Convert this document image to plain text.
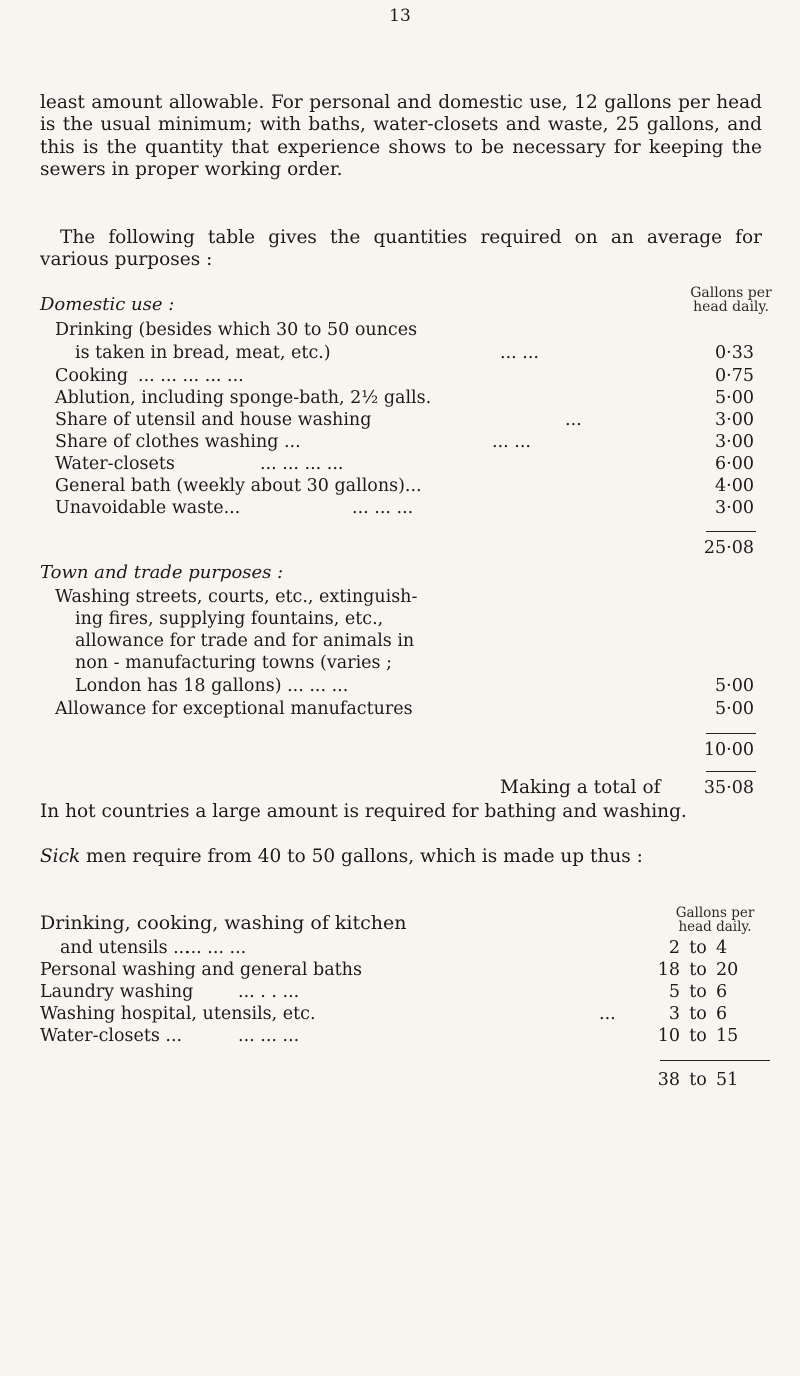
13

least amount allowable. For personal and domestic use, 12 gallons per head is the usual minimum; with baths, water-closets and waste, 25 gallons, and this is the quantity that experience shows to be necessary for keeping the sewers in proper working order.

The following table gives the quantities required on an average for various purposes :

Gallons per
head daily.
Domestic use :
Drinking (besides which 30 to 50 ounces
is taken in bread, meat, etc.)	... ...	0·33
Cooking ... ... ... ... ...	0·75
Ablution, including sponge-bath, 2½ galls.	5·00
Share of utensil and house washing	...	3·00
Share of clothes washing ...	... ...	3·00
Water-closets	... ... ... ...	6·00
General bath (weekly about 30 gallons)...	4·00
Unavoidable waste...	... ... ...	3·00
25·08
Town and trade purposes :
Washing streets, courts, etc., extinguish-
ing fires, supplying fountains, etc.,
allowance for trade and for animals in
non - manufacturing towns (varies ;
London has 18 gallons) ... ... ...	5·00
Allowance for exceptional manufactures	5·00
10·00
Making a total of 35·08

In hot countries a large amount is required for bathing and washing.

Sick men require from 40 to 50 gallons, which is made up thus :

Gallons per
head daily.
Drinking, cooking, washing of kitchen
and utensils ...
... ... ...	2 to 4
Personal washing and general baths	18 to 20
Laundry washing	... . . ...	5 to 6
Washing hospital, utensils, etc.	...	3 to 6
Water-closets ...	... ... ...	10 to 15
38 to 51
